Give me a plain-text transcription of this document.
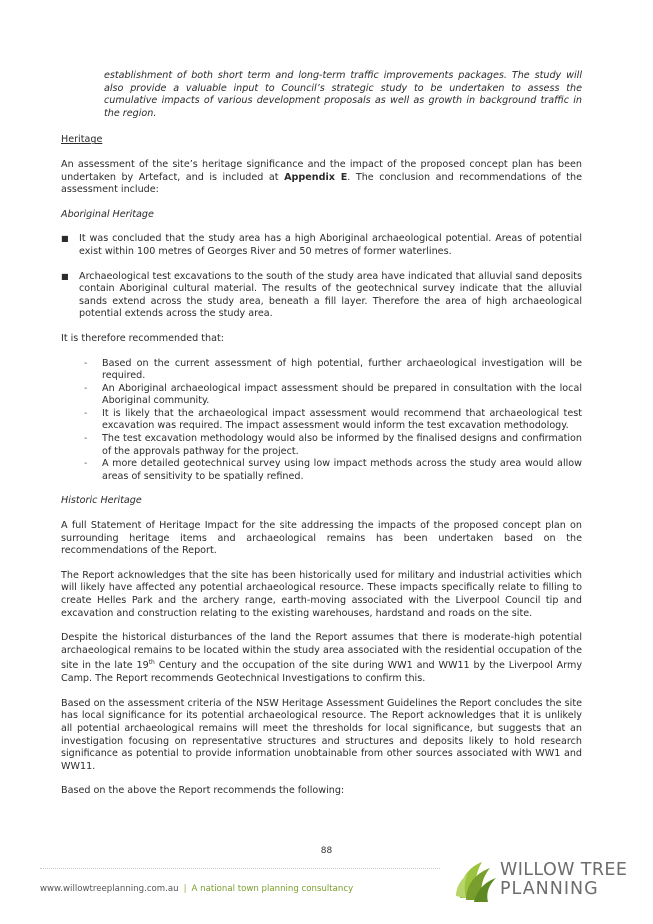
establishment of both short term and long-term traffic improvements packages. The study will also provide a valuable input to Council’s strategic study to be undertaken to assess the cumulative impacts of various development proposals as well as growth in background traffic in the region.

Heritage

An assessment of the site’s heritage significance and the impact of the proposed concept plan has been undertaken by Artefact, and is included at Appendix E. The conclusion and recommendations of the assessment include:

Aboriginal Heritage

■ It was concluded that the study area has a high Aboriginal archaeological potential. Areas of potential exist within 100 metres of Georges River and 50 metres of former waterlines.
■ Archaeological test excavations to the south of the study area have indicated that alluvial sand deposits contain Aboriginal cultural material. The results of the geotechnical survey indicate that the alluvial sands extend across the study area, beneath a fill layer. Therefore the area of high archaeological potential extends across the study area.

It is therefore recommended that:

- Based on the current assessment of high potential, further archaeological investigation will be required.
- An Aboriginal archaeological impact assessment should be prepared in consultation with the local Aboriginal community.
- It is likely that the archaeological impact assessment would recommend that archaeological test excavation was required. The impact assessment would inform the test excavation methodology.
- The test excavation methodology would also be informed by the finalised designs and confirmation of the approvals pathway for the project.
- A more detailed geotechnical survey using low impact methods across the study area would allow areas of sensitivity to be spatially refined.

Historic Heritage

A full Statement of Heritage Impact for the site addressing the impacts of the proposed concept plan on surrounding heritage items and archaeological remains has been undertaken based on the recommendations of the Report.

The Report acknowledges that the site has been historically used for military and industrial activities which will likely have affected any potential archaeological resource. These impacts specifically relate to filling to create Helles Park and the archery range, earth-moving associated with the Liverpool Council tip and excavation and construction relating to the existing warehouses, hardstand and roads on the site.

Despite the historical disturbances of the land the Report assumes that there is moderate-high potential archaeological remains to be located within the study area associated with the residential occupation of the site in the late 19th Century and the occupation of the site during WW1 and WW11 by the Liverpool Army Camp. The Report recommends Geotechnical Investigations to confirm this.

Based on the assessment criteria of the NSW Heritage Assessment Guidelines the Report concludes the site has local significance for its potential archaeological resource. The Report acknowledges that it is unlikely all potential archaeological remains will meet the thresholds for local significance, but suggests that an investigation focusing on representative structures and structures and deposits likely to hold research significance as potential to provide information unobtainable from other sources associated with WW1 and WW11.

Based on the above the Report recommends the following:

88
www.willowtreeplanning.com.au | A national town planning consultancy
WILLOW TREE
PLANNING
